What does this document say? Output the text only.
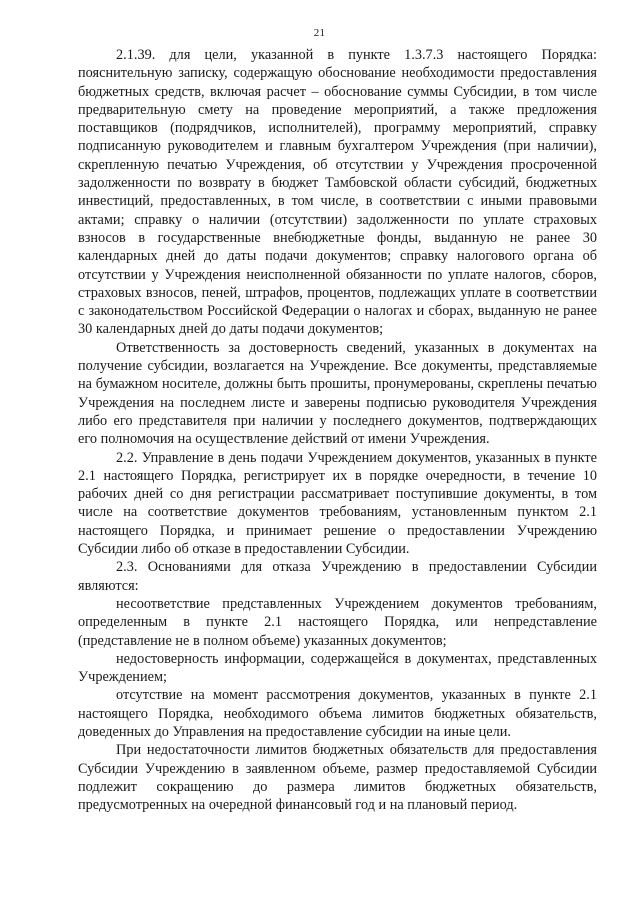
21

2.1.39. для цели, указанной в пункте 1.3.7.3 настоящего Порядка: пояснительную записку, содержащую обоснование необходимости предоставления бюджетных средств, включая расчет – обоснование суммы Субсидии, в том числе предварительную смету на проведение мероприятий, а также предложения поставщиков (подрядчиков, исполнителей), программу мероприятий, справку подписанную руководителем и главным бухгалтером Учреждения (при наличии), скрепленную печатью Учреждения, об отсутствии у Учреждения просроченной задолженности по возврату в бюджет Тамбовской области субсидий, бюджетных инвестиций, предоставленных, в том числе, в соответствии с иными правовыми актами; справку о наличии (отсутствии) задолженности по уплате страховых взносов в государственные внебюджетные фонды, выданную не ранее 30 календарных дней до даты подачи документов; справку налогового органа об отсутствии у Учреждения неисполненной обязанности по уплате налогов, сборов, страховых взносов, пеней, штрафов, процентов, подлежащих уплате в соответствии с законодательством Российской Федерации о налогах и сборах, выданную не ранее 30 календарных дней до даты подачи документов;

Ответственность за достоверность сведений, указанных в документах на получение субсидии, возлагается на Учреждение. Все документы, представляемые на бумажном носителе, должны быть прошиты, пронумерованы, скреплены печатью Учреждения на последнем листе и заверены подписью руководителя Учреждения либо его представителя при наличии у последнего документов, подтверждающих его полномочия на осуществление действий от имени Учреждения.

2.2. Управление в день подачи Учреждением документов, указанных в пункте 2.1 настоящего Порядка, регистрирует их в порядке очередности, в течение 10 рабочих дней со дня регистрации рассматривает поступившие документы, в том числе на соответствие документов требованиям, установленным пунктом 2.1 настоящего Порядка, и принимает решение о предоставлении Учреждению Субсидии либо об отказе в предоставлении Субсидии.

2.3. Основаниями для отказа Учреждению в предоставлении Субсидии являются:

несоответствие представленных Учреждением документов требованиям, определенным в пункте 2.1 настоящего Порядка, или непредставление (представление не в полном объеме) указанных документов;

недостоверность информации, содержащейся в документах, представленных Учреждением;

отсутствие на момент рассмотрения документов, указанных в пункте 2.1 настоящего Порядка, необходимого объема лимитов бюджетных обязательств, доведенных до Управления на предоставление субсидии на иные цели.

При недостаточности лимитов бюджетных обязательств для предоставления Субсидии Учреждению в заявленном объеме, размер предоставляемой Субсидии подлежит сокращению до размера лимитов бюджетных обязательств, предусмотренных на очередной финансовый год и на плановый период.
